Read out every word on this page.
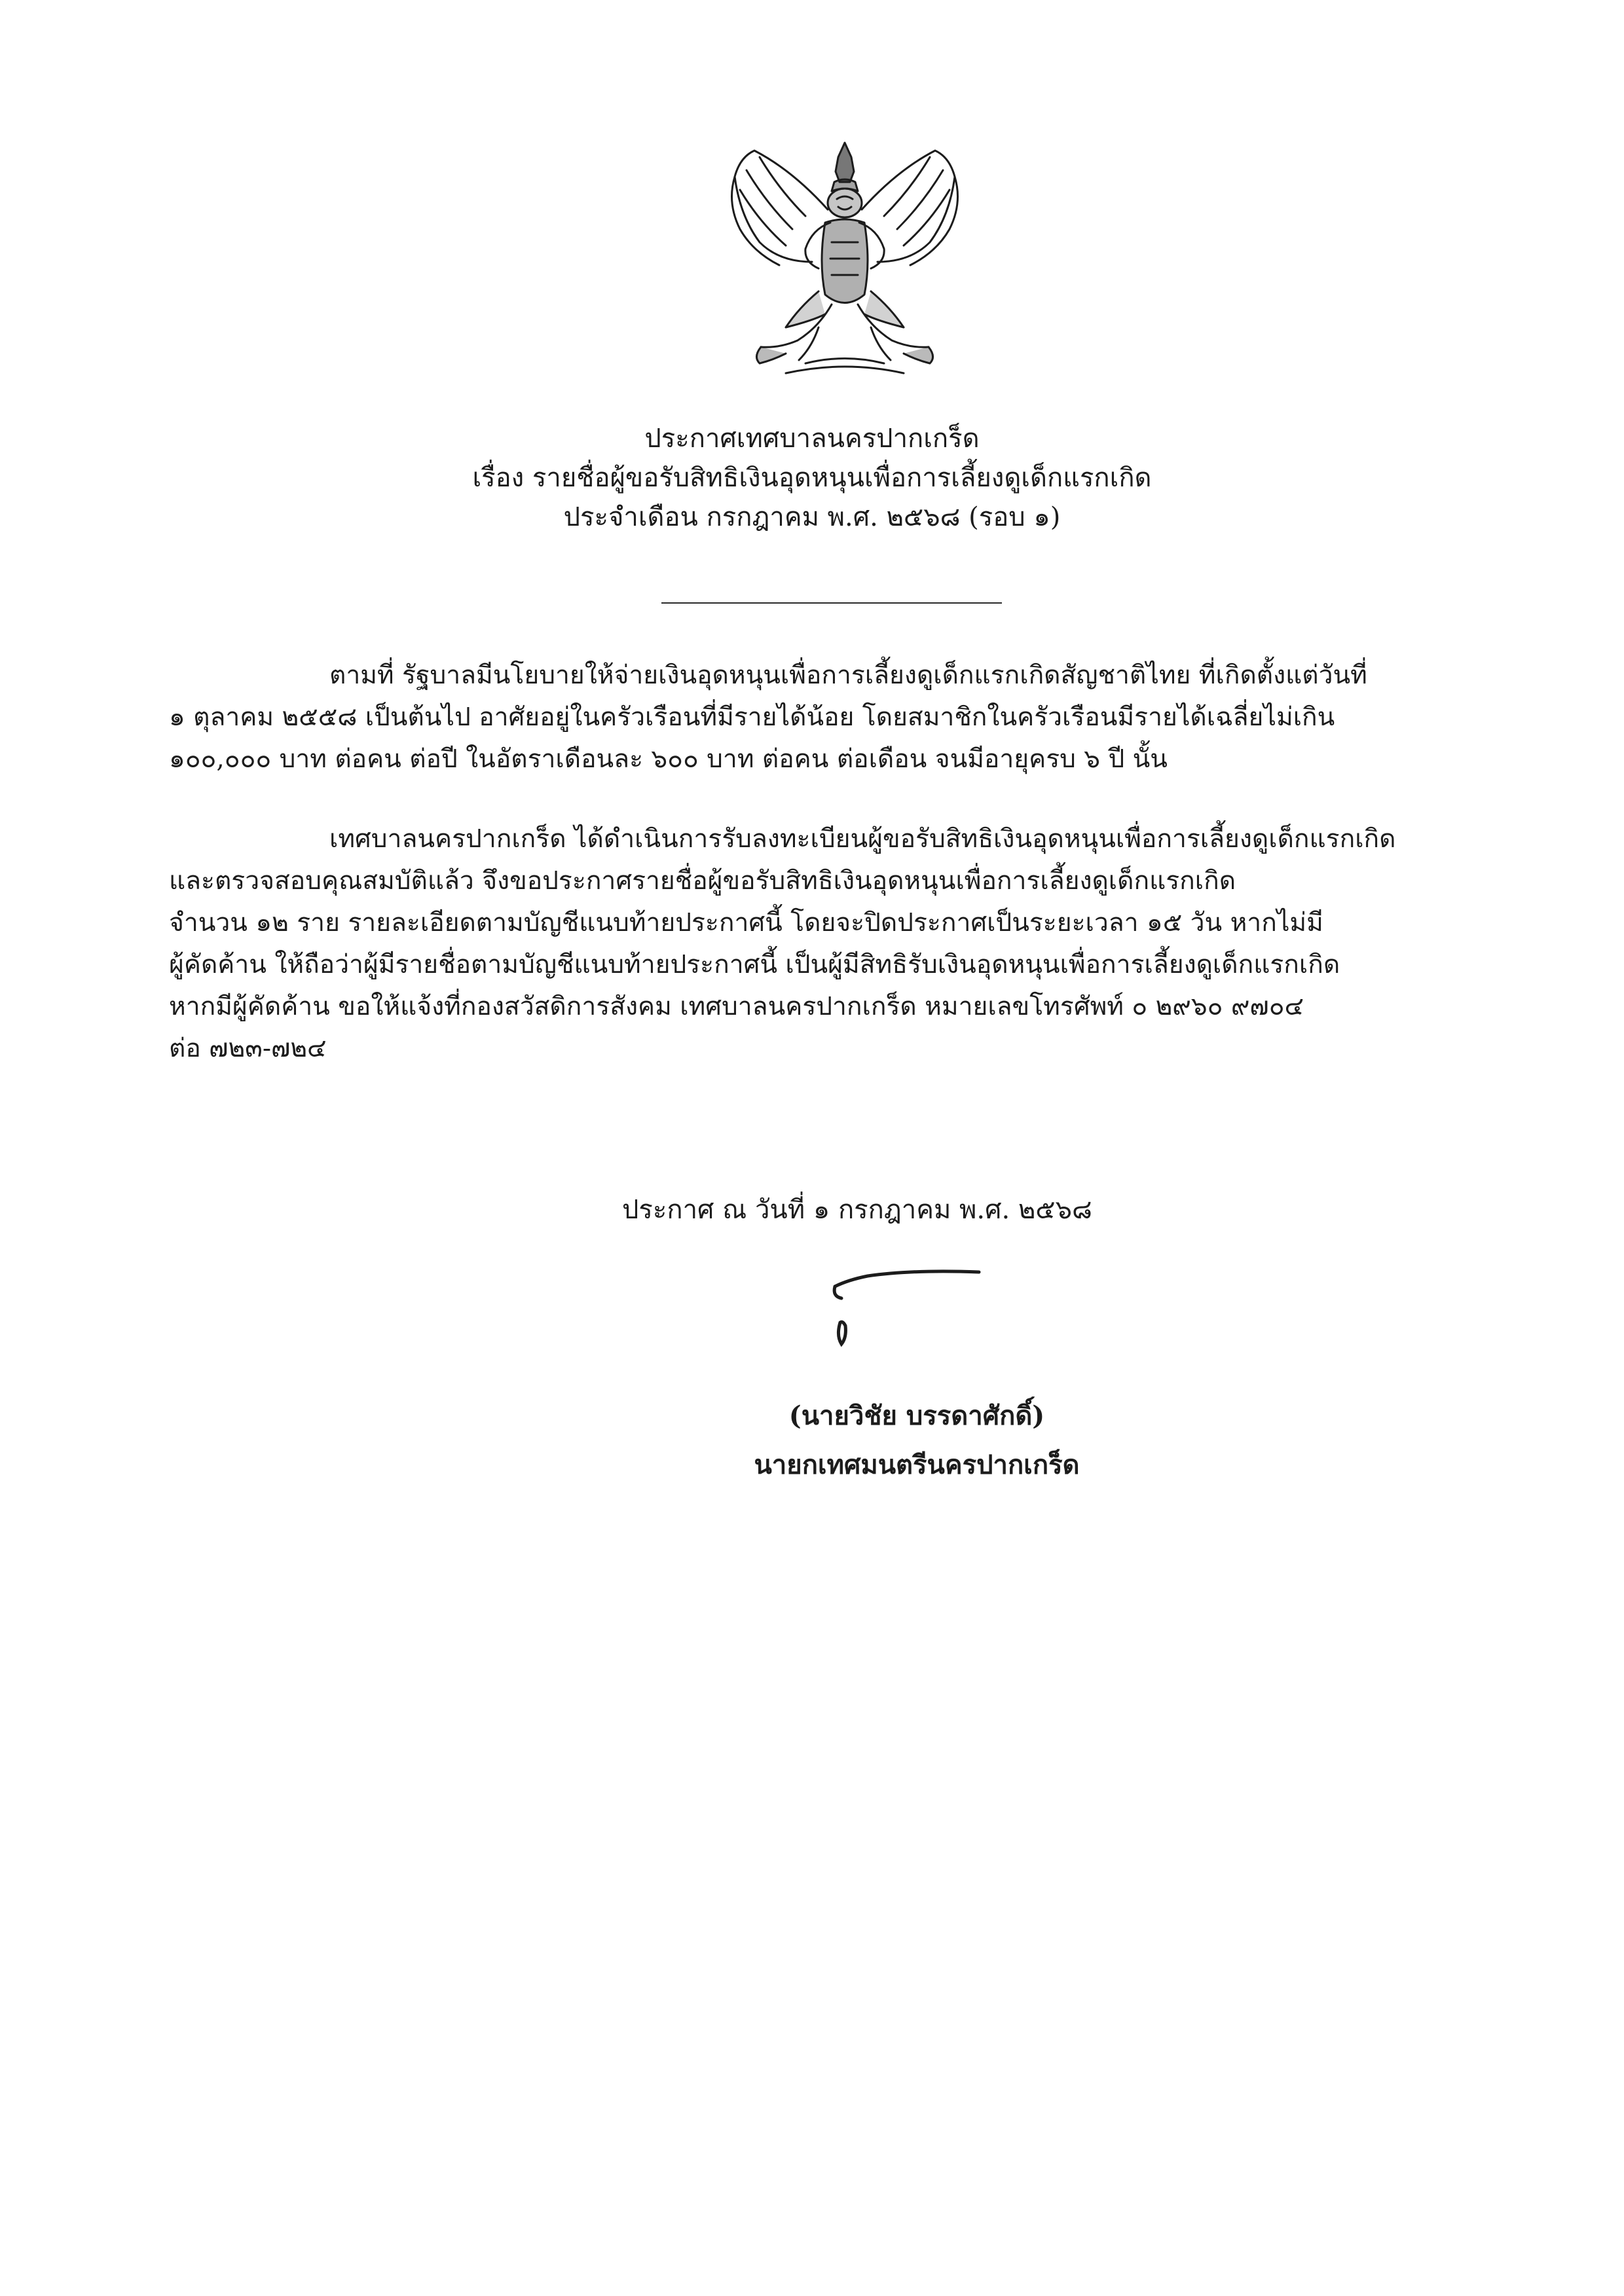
ประกาศเทศบาลนครปากเกร็ด
เรื่อง รายชื่อผู้ขอรับสิทธิเงินอุดหนุนเพื่อการเลี้ยงดูเด็กแรกเกิด
ประจำเดือน กรกฎาคม พ.ศ. ๒๕๖๘ (รอบ ๑)
ตามที่ รัฐบาลมีนโยบายให้จ่ายเงินอุดหนุนเพื่อการเลี้ยงดูเด็กแรกเกิดสัญชาติไทย ที่เกิดตั้งแต่วันที่
๑ ตุลาคม ๒๕๕๘ เป็นต้นไป อาศัยอยู่ในครัวเรือนที่มีรายได้น้อย โดยสมาชิกในครัวเรือนมีรายได้เฉลี่ยไม่เกิน
๑๐๐,๐๐๐ บาท ต่อคน ต่อปี ในอัตราเดือนละ ๖๐๐ บาท ต่อคน ต่อเดือน จนมีอายุครบ ๖ ปี นั้น
เทศบาลนครปากเกร็ด ได้ดำเนินการรับลงทะเบียนผู้ขอรับสิทธิเงินอุดหนุนเพื่อการเลี้ยงดูเด็กแรกเกิด
และตรวจสอบคุณสมบัติแล้ว จึงขอประกาศรายชื่อผู้ขอรับสิทธิเงินอุดหนุนเพื่อการเลี้ยงดูเด็กแรกเกิด
จำนวน ๑๒ ราย รายละเอียดตามบัญชีแนบท้ายประกาศนี้ โดยจะปิดประกาศเป็นระยะเวลา ๑๕ วัน หากไม่มี
ผู้คัดค้าน ให้ถือว่าผู้มีรายชื่อตามบัญชีแนบท้ายประกาศนี้ เป็นผู้มีสิทธิรับเงินอุดหนุนเพื่อการเลี้ยงดูเด็กแรกเกิด
หากมีผู้คัดค้าน ขอให้แจ้งที่กองสวัสดิการสังคม เทศบาลนครปากเกร็ด หมายเลขโทรศัพท์ ๐ ๒๙๖๐ ๙๗๐๔
ต่อ ๗๒๓-๗๒๔
ประกาศ ณ วันที่ ๑ กรกฎาคม พ.ศ. ๒๕๖๘
(นายวิชัย บรรดาศักดิ์)
นายกเทศมนตรีนครปากเกร็ด
